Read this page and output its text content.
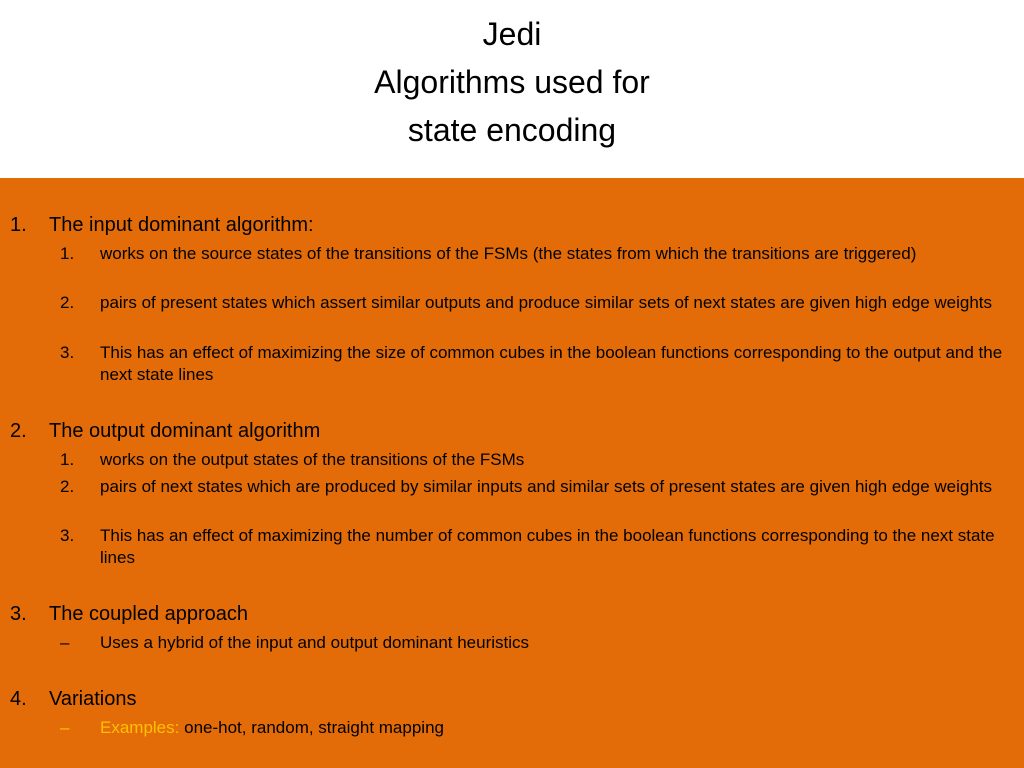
Jedi
Algorithms used for
state encoding
1. The input dominant algorithm:
1. works on the source states of the transitions of the FSMs (the states from which the transitions are triggered)
2. pairs of present states which assert similar outputs and produce similar sets of next states are given high edge weights
3. This has an effect of maximizing the size of common cubes in the boolean functions corresponding to the output and the next state lines
2. The output dominant algorithm
1. works on the output states of the transitions of the FSMs
2. pairs of next states which are produced by similar inputs and similar sets of present states are given high edge weights
3. This has an effect of maximizing the number of common cubes in the boolean functions corresponding to the next state lines
3. The coupled approach
– Uses a hybrid of the input and output dominant heuristics
4. Variations
– Examples: one-hot, random, straight mapping
